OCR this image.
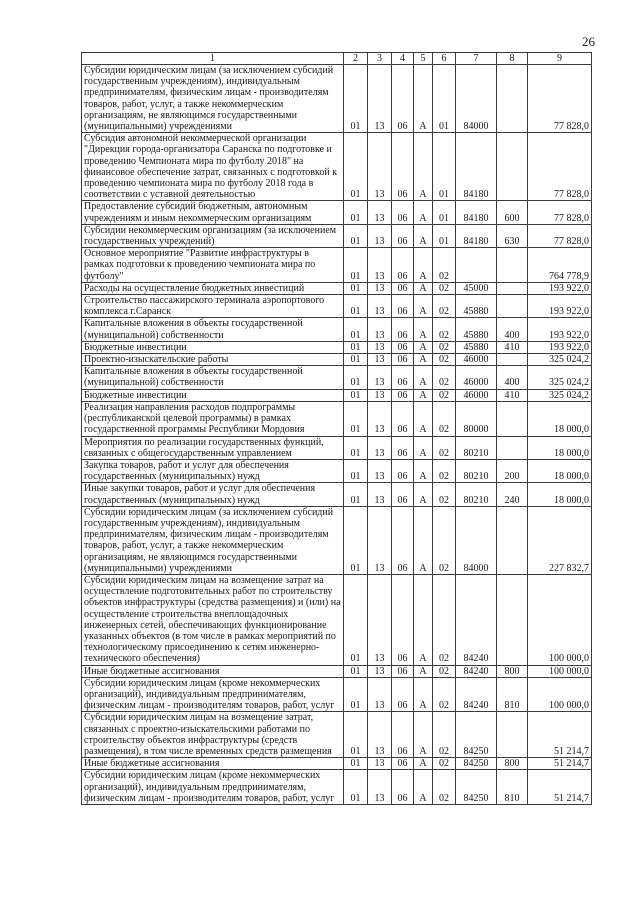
26
1	2	3	4	5	6	7	8	9
Субсидии юридическим лицам (за исключением субсидий государственным учреждениям), индивидуальным предпринимателям, физическим лицам - производителям товаров, работ, услуг, а также некоммерческим организациям, не являющимся государственными (муниципальными) учреждениями	01	13	06	А	01	84000		77 828,0
Субсидия автономной некоммерческой организации "Дирекция города-организатора Саранска по подготовке и проведению Чемпионата мира по футболу 2018" на финансовое обеспечение затрат, связанных с подготовкой к проведению чемпионата мира по футболу 2018 года в соответствии с уставной деятельностью	01	13	06	А	01	84180		77 828,0
Предоставление субсидий бюджетным, автономным учреждениям и иным некоммерческим организациям	01	13	06	А	01	84180	600	77 828,0
Субсидии некоммерческим организациям (за исключением государственных учреждений)	01	13	06	А	01	84180	630	77 828,0
Основное мероприятие "Развитие инфраструктуры в рамках подготовки к проведению чемпионата мира по футболу"	01	13	06	А	02			764 778,9
Расходы на осуществление бюджетных инвестиций	01	13	06	А	02	45000		193 922,0
Строительство пассажирского терминала аэропортового комплекса г.Саранск	01	13	06	А	02	45880		193 922,0
Капитальные вложения в объекты государственной (муниципальной) собственности	01	13	06	А	02	45880	400	193 922,0
Бюджетные инвестиции	01	13	06	А	02	45880	410	193 922,0
Проектно-изыскательские работы	01	13	06	А	02	46000		325 024,2
Капитальные вложения в объекты государственной (муниципальной) собственности	01	13	06	А	02	46000	400	325 024,2
Бюджетные инвестиции	01	13	06	А	02	46000	410	325 024,2
Реализация направления расходов подпрограммы (республиканской целевой программы) в рамках государственной программы Республики Мордовия	01	13	06	А	02	80000		18 000,0
Мероприятия по реализации государственных функций, связанных с общегосударственным управлением	01	13	06	А	02	80210		18 000,0
Закупка товаров, работ и услуг для обеспечения государственных (муниципальных) нужд	01	13	06	А	02	80210	200	18 000,0
Иные закупки товаров, работ и услуг для обеспечения государственных (муниципальных) нужд	01	13	06	А	02	80210	240	18 000,0
Субсидии юридическим лицам (за исключением субсидий государственным учреждениям), индивидуальным предпринимателям, физическим лицам - производителям товаров, работ, услуг, а также некоммерческим организациям, не являющимся государственными (муниципальными) учреждениями	01	13	06	А	02	84000		227 832,7
Субсидии юридическим лицам на возмещение затрат на осуществление подготовительных работ по строительству объектов инфраструктуры (средства размещения) и (или) на осуществление строительства внеплощадочных инженерных сетей, обеспечивающих функционирование указанных объектов (в том числе в рамках мероприятий по технологическому присоединению к сетям инженерно-технического обеспечения)	01	13	06	А	02	84240		100 000,0
Иные бюджетные ассигнования	01	13	06	А	02	84240	800	100 000,0
Субсидии юридическим лицам (кроме некоммерческих организаций), индивидуальным предпринимателям, физическим лицам - производителям товаров, работ, услуг	01	13	06	А	02	84240	810	100 000,0
Субсидии юридическим лицам на возмещение затрат, связанных с проектно-изыскательскими работами по строительству объектов инфраструктуры (средств размещения), в том числе временных средств размещения	01	13	06	А	02	84250		51 214,7
Иные бюджетные ассигнования	01	13	06	А	02	84250	800	51 214,7
Субсидии юридическим лицам (кроме некоммерческих организаций), индивидуальным предпринимателям, физическим лицам - производителям товаров, работ, услуг	01	13	06	А	02	84250	810	51 214,7
